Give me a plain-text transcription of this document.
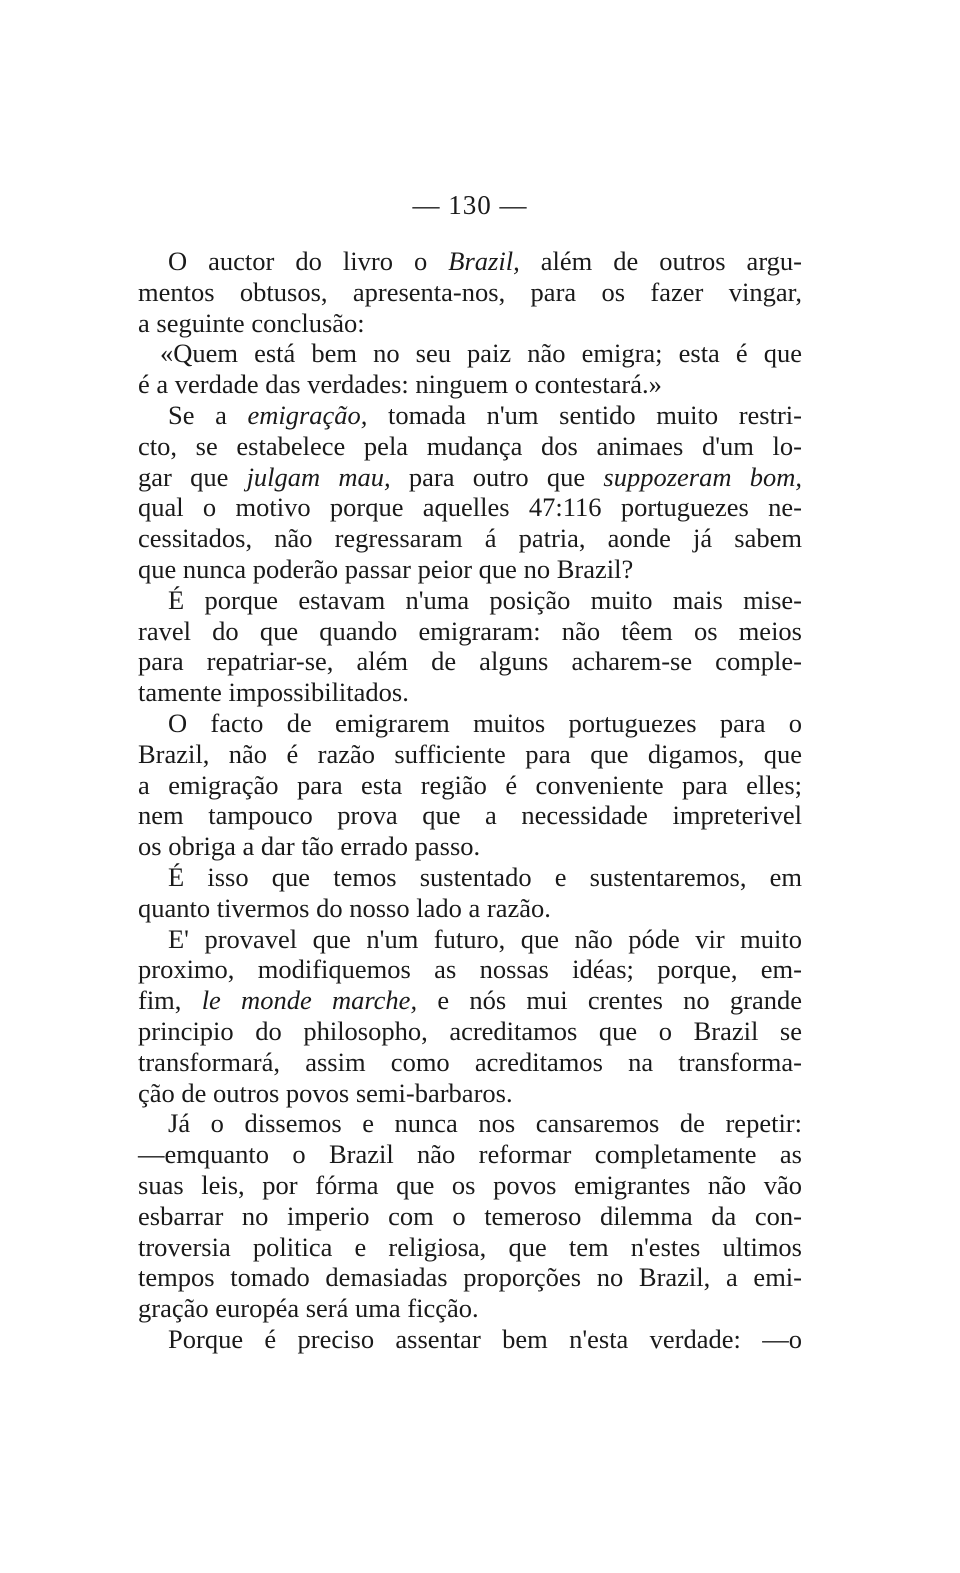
— 130 —
O auctor do livro o Brazil, além de outros argu-
mentos obtusos, apresenta-nos, para os fazer vingar,
a seguinte conclusão:
«Quem está bem no seu paiz não emigra; esta é que
é a verdade das verdades: ninguem o contestará.»
Se a emigração, tomada n'um sentido muito restri-
cto, se estabelece pela mudança dos animaes d'um lo-
gar que julgam mau, para outro que suppozeram bom,
qual o motivo porque aquelles 47:116 portuguezes ne-
cessitados, não regressaram á patria, aonde já sabem
que nunca poderão passar peior que no Brazil?
É porque estavam n'uma posição muito mais mise-
ravel do que quando emigraram: não têem os meios
para repatriar-se, além de alguns acharem-se comple-
tamente impossibilitados.
O facto de emigrarem muitos portuguezes para o
Brazil, não é razão sufficiente para que digamos, que
a emigração para esta região é conveniente para elles;
nem tampouco prova que a necessidade impreterivel
os obriga a dar tão errado passo.
É isso que temos sustentado e sustentaremos, em
quanto tivermos do nosso lado a razão.
E' provavel que n'um futuro, que não póde vir muito
proximo, modifiquemos as nossas idéas; porque, em-
fim, le monde marche, e nós mui crentes no grande
principio do philosopho, acreditamos que o Brazil se
transformará, assim como acreditamos na transforma-
ção de outros povos semi-barbaros.
Já o dissemos e nunca nos cansaremos de repetir:
—emquanto o Brazil não reformar completamente as
suas leis, por fórma que os povos emigrantes não vão
esbarrar no imperio com o temeroso dilemma da con-
troversia politica e religiosa, que tem n'estes ultimos
tempos tomado demasiadas proporções no Brazil, a emi-
gração européa será uma ficção.
Porque é preciso assentar bem n'esta verdade: —o
